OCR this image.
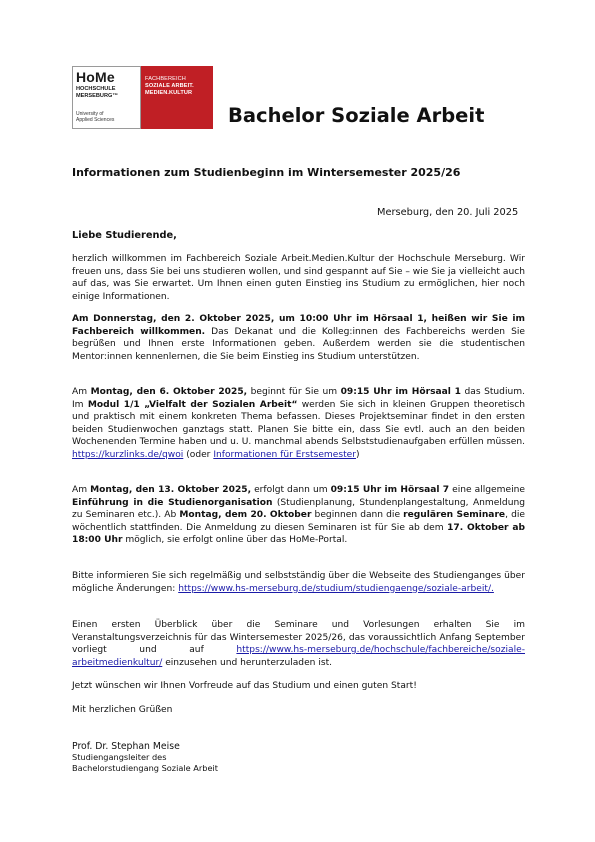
HoMe
HOCHSCHULE
MERSEBURG™
University of
Applied Sciences
FACHBEREICH
SOZIALE ARBEIT.
MEDIEN.KULTUR
Bachelor Soziale Arbeit
Informationen zum Studienbeginn im Wintersemester 2025/26
Merseburg, den 20. Juli 2025
Liebe Studierende,
herzlich willkommen im Fachbereich Soziale Arbeit.Medien.Kultur der Hochschule Merseburg. Wir freuen uns, dass Sie bei uns studieren wollen, und sind gespannt auf Sie – wie Sie ja vielleicht auch auf das, was Sie erwartet. Um Ihnen einen guten Einstieg ins Studium zu ermöglichen, hier noch einige Informationen.
Am Donnerstag, den 2. Oktober 2025, um 10:00 Uhr im Hörsaal 1, heißen wir Sie im Fachbereich willkommen. Das Dekanat und die Kolleg:innen des Fachbereichs werden Sie begrüßen und Ihnen erste Informationen geben. Außerdem werden sie die studentischen Mentor:innen kennenlernen, die Sie beim Einstieg ins Studium unterstützen.
Am Montag, den 6. Oktober 2025, beginnt für Sie um 09:15 Uhr im Hörsaal 1 das Studium. Im Modul 1/1 „Vielfalt der Sozialen Arbeit“ werden Sie sich in kleinen Gruppen theoretisch und praktisch mit einem konkreten Thema befassen. Dieses Projektseminar findet in den ersten beiden Studienwochen ganztags statt. Planen Sie bitte ein, dass Sie evtl. auch an den beiden Wochenenden Termine haben und u. U. manchmal abends Selbststudienaufgaben erfüllen müssen. https://kurzlinks.de/qwoi (oder Informationen für Erstsemester)
Am Montag, den 13. Oktober 2025, erfolgt dann um 09:15 Uhr im Hörsaal 7 eine allgemeine Einführung in die Studienorganisation (Studienplanung, Stundenplangestaltung, Anmeldung zu Seminaren etc.). Ab Montag, dem 20. Oktober beginnen dann die regulären Seminare, die wöchentlich stattfinden. Die Anmeldung zu diesen Seminaren ist für Sie ab dem 17. Oktober ab 18:00 Uhr möglich, sie erfolgt online über das HoMe-Portal.
Bitte informieren Sie sich regelmäßig und selbstständig über die Webseite des Studienganges über mögliche Änderungen: https://www.hs-merseburg.de/studium/studiengaenge/soziale-arbeit/.
Einen ersten Überblick über die Seminare und Vorlesungen erhalten Sie im Veranstaltungsverzeichnis für das Wintersemester 2025/26, das voraussichtlich Anfang September vorliegt und auf https://www.hs-merseburg.de/hochschule/fachbereiche/soziale-arbeitmedienkultur/ einzusehen und herunterzuladen ist.
Jetzt wünschen wir Ihnen Vorfreude auf das Studium und einen guten Start!
Mit herzlichen Grüßen
Prof. Dr. Stephan Meise
Studiengangsleiter des
Bachelorstudiengang Soziale Arbeit
